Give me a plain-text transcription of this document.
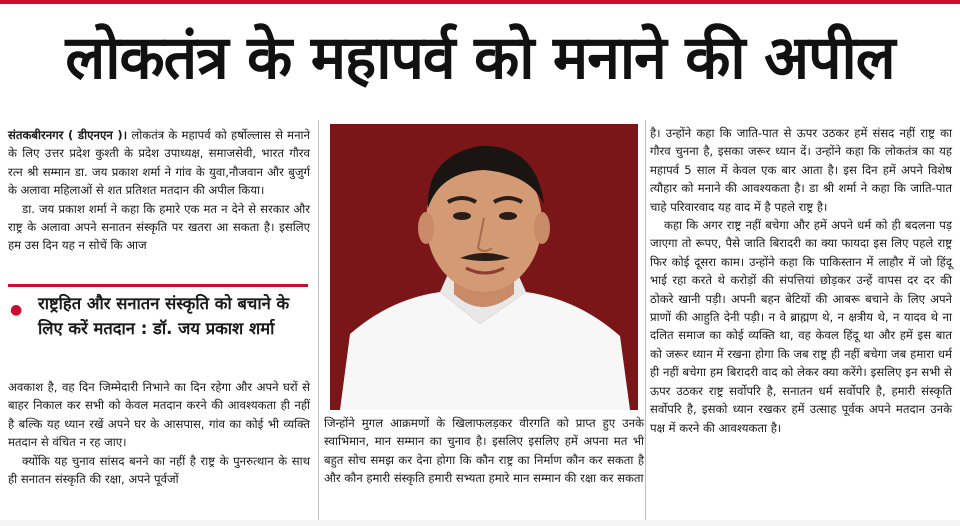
लोकतंत्र के महापर्व को मनाने की अपील

संतकबीरनगर ( डीएनएन )। लोकतंत्र के महापर्व को हर्षोल्लास से मनाने के लिए उत्तर प्रदेश कुश्ती के प्रदेश उपाध्यक्ष, समाजसेवी, भारत गौरव रत्न श्री सम्मान डा. जय प्रकाश शर्मा ने गांव के युवा,नौजवान और बुजुर्ग के अलावा महिलाओं से शत प्रतिशत मतदान की अपील किया।

डा. जय प्रकाश शर्मा ने कहा कि हमारे एक मत न देने से सरकार और राष्ट्र के अलावा अपने सनातन संस्कृति पर खतरा आ सकता है। इसलिए हम उस दिन यह न सोचें कि आज

● राष्ट्रहित और सनातन संस्कृति को बचाने के लिए करें मतदान : डॉ. जय प्रकाश शर्मा

अवकाश है, वह दिन जिम्मेदारी निभाने का दिन रहेगा और अपने घरों से बाहर निकाल कर सभी को केवल मतदान करने की आवश्यकता ही नहीं है बल्कि यह ध्यान रखें अपने घर के आसपास, गांव का कोई भी व्यक्ति मतदान से वंचित न रह जाए।

क्योंकि यह चुनाव सांसद बनने का नहीं है राष्ट्र के पुनरुत्थान के साथ ही सनातन संस्कृति की रक्षा, अपने पूर्वजों

जिन्होंने मुगल आक्रमणों के खिलाफलड़कर वीरगति को प्राप्त हुए उनके स्वाभिमान, मान सम्मान का चुनाव है। इसलिए इसलिए हमें अपना मत भी बहुत सोच समझ कर देना होगा कि कौन राष्ट्र का निर्माण कौन कर सकता है और कौन हमारी संस्कृति हमारी सभ्यता हमारे मान सम्मान की रक्षा कर सकता

है। उन्होंने कहा कि जाति-पात से ऊपर उठकर हमें संसद नहीं राष्ट्र का गौरव चुनना है, इसका जरूर ध्यान दें। उन्होंने कहा कि लोकतंत्र का यह महापर्व 5 साल में केवल एक बार आता है। इस दिन हमें अपने विशेष त्यौहार को मनाने की आवश्यकता है। डा श्री शर्मा ने कहा कि जाति-पात चाहे परिवारवाद यह वाद में है पहले राष्ट्र है।

कहा कि अगर राष्ट्र नहीं बचेगा और हमें अपने धर्म को ही बदलना पड़ जाएगा तो रूपए, पैसे जाति बिरादरी का क्या फायदा इस लिए पहले राष्ट्र फिर कोई दूसरा काम। उन्होंने कहा कि पाकिस्तान में लाहौर में जो हिंदू भाई रहा करते थे करोड़ों की संपत्तियां छोड़कर उन्हें वापस दर दर की ठोकरे खानी पड़ी। अपनी बहन बेटियों की आबरू बचाने के लिए अपने प्राणों की आहुति देनी पड़ी। न वे ब्राह्मण थे, न क्षत्रीय थे, न यादव थे ना दलित समाज का कोई व्यक्ति था, वह केवल हिंदू था और हमें इस बात को जरूर ध्यान में रखना होगा कि जब राष्ट्र ही नहीं बचेगा जब हमारा धर्म ही नहीं बचेगा हम बिरादरी वाद को लेकर क्या करेंगे। इसलिए इन सभी से ऊपर उठकर राष्ट्र सर्वोपरि है, सनातन धर्म सर्वोपरि है, हमारी संस्कृति सर्वोपरि है, इसको ध्यान रखकर हमें उत्साह पूर्वक अपने मतदान उनके पक्ष में करने की आवश्यकता है।
